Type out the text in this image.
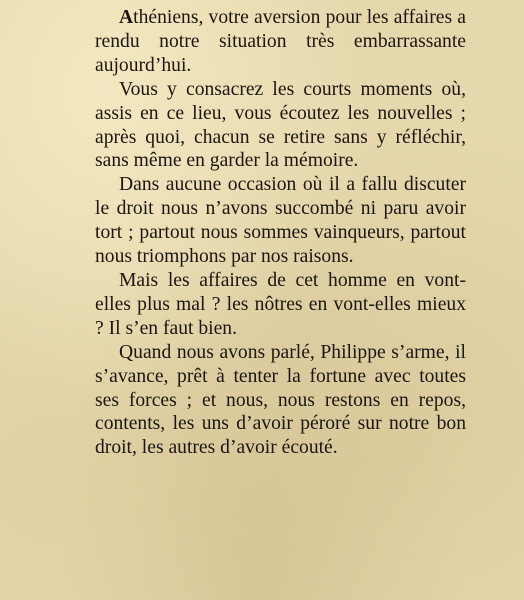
Athéniens, votre aversion pour les affaires a rendu notre situation très embarrassante aujourd’hui.

Vous y consacrez les courts moments où, assis en ce lieu, vous écoutez les nouvelles ; après quoi, chacun se retire sans y réfléchir, sans même en garder la mémoire.

Dans aucune occasion où il a fallu discuter le droit nous n’avons succombé ni paru avoir tort ; partout nous sommes vainqueurs, partout nous triomphons par nos raisons.

Mais les affaires de cet homme en vont-elles plus mal ? les nôtres en vont-elles mieux ? Il s’en faut bien.

Quand nous avons parlé, Philippe s’arme, il s’avance, prêt à tenter la fortune avec toutes ses forces ; et nous, nous restons en repos, contents, les uns d’avoir péroré sur notre bon droit, les autres d’avoir écouté.
